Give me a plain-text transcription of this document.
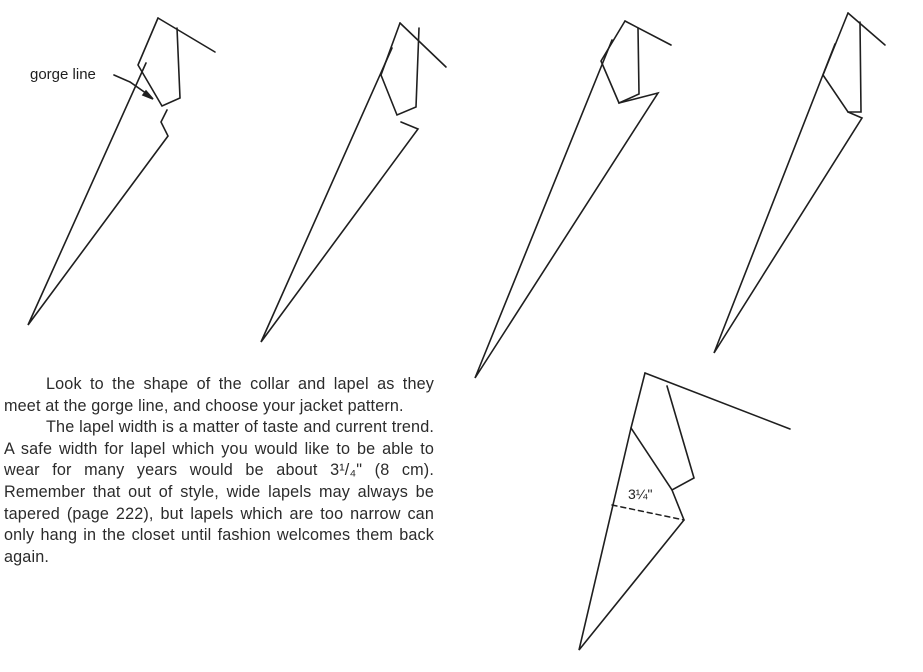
gorge line
3¼"

Look to the shape of the collar and lapel as they meet at the gorge line, and choose your jacket pattern.

The lapel width is a matter of taste and current trend. A safe width for lapel which you would like to be able to wear for many years would be about 3¹/₄" (8 cm). Remember that out of style, wide lapels may always be tapered (page 222), but lapels which are too narrow can only hang in the closet until fashion welcomes them back again.
